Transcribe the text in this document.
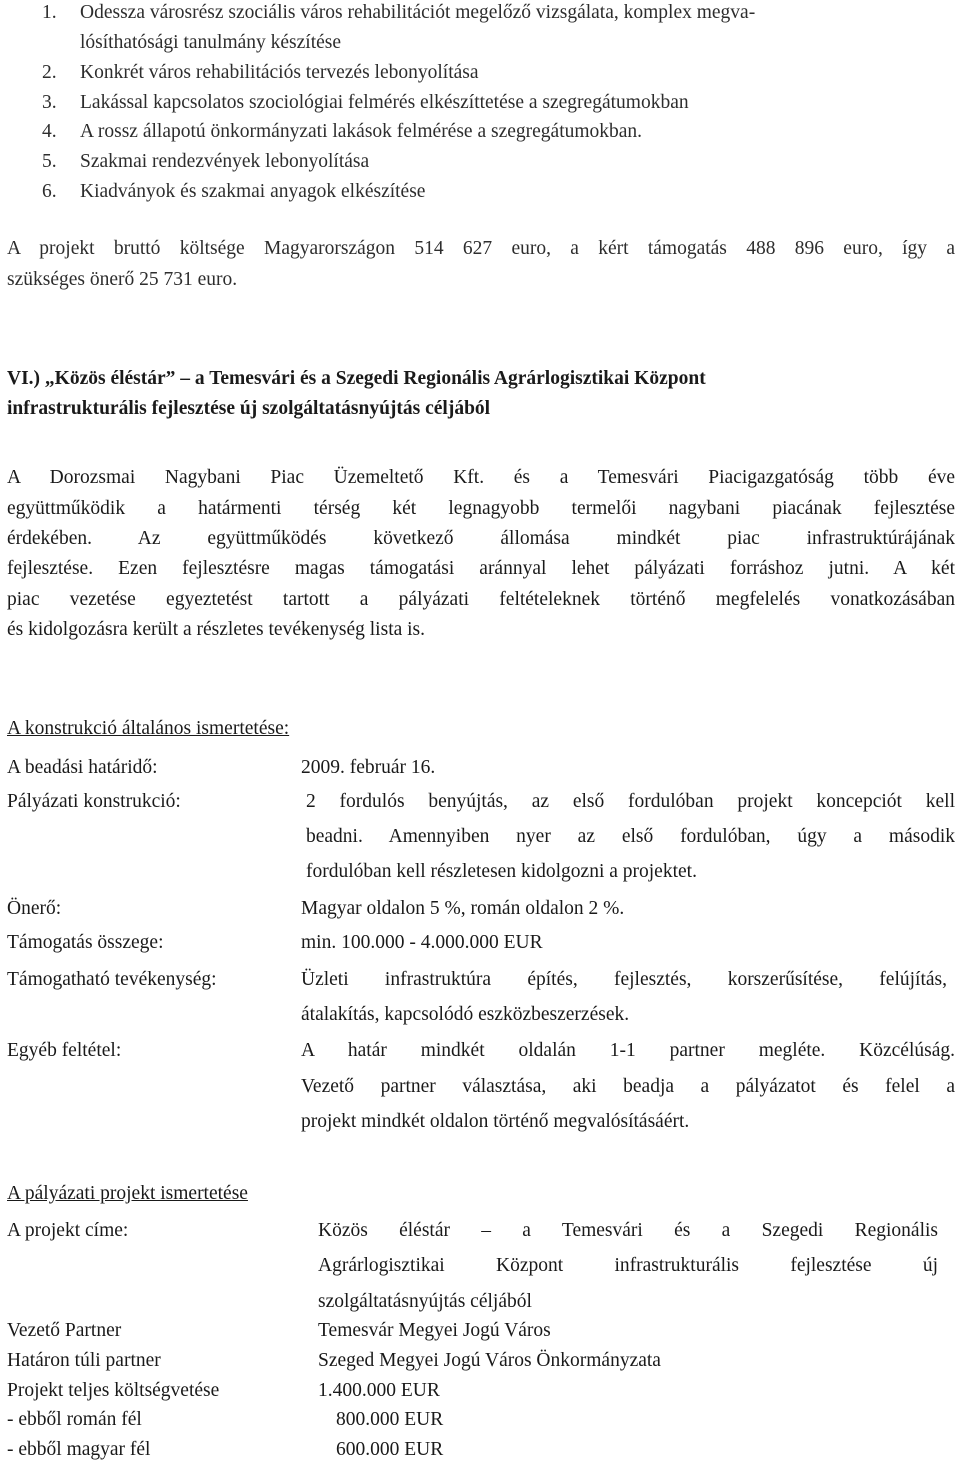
1. Odessza városrész szociális város rehabilitációt megelőző vizsgálata, komplex megva-
lósíthatósági tanulmány készítése
2. Konkrét város rehabilitációs tervezés lebonyolítása
3. Lakással kapcsolatos szociológiai felmérés elkészíttetése a szegregátumokban
4. A rossz állapotú önkormányzati lakások felmérése a szegregátumokban.
5. Szakmai rendezvények lebonyolítása
6. Kiadványok és szakmai anyagok elkészítése
A projekt bruttó költsége Magyarországon 514 627 euro, a kért támogatás 488 896 euro, így a
szükséges önerő 25 731 euro.
VI.) „Közös éléstár” – a Temesvári és a Szegedi Regionális Agrárlogisztikai Központ
infrastrukturális fejlesztése új szolgáltatásnyújtás céljából
A Dorozsmai Nagybani Piac Üzemeltető Kft. és a Temesvári Piacigazgatóság több éve
együttműködik a határmenti térség két legnagyobb termelői nagybani piacának fejlesztése
érdekében. Az együttműködés következő állomása mindkét piac infrastruktúrájának
fejlesztése. Ezen fejlesztésre magas támogatási aránnyal lehet pályázati forráshoz jutni. A két
piac vezetése egyeztetést tartott a pályázati feltételeknek történő megfelelés vonatkozásában
és kidolgozásra került a részletes tevékenység lista is.
A konstrukció általános ismertetése:
A beadási határidő:	2009. február 16.
Pályázati konstrukció:	2 fordulós benyújtás, az első fordulóban projekt koncepciót kell
beadni. Amennyiben nyer az első fordulóban, úgy a második
fordulóban kell részletesen kidolgozni a projektet.
Önerő:	Magyar oldalon 5 %, román oldalon 2 %.
Támogatás összege:	min. 100.000 - 4.000.000 EUR
Támogatható tevékenység:	Üzleti infrastruktúra építés, fejlesztés, korszerűsítése, felújítás,
átalakítás, kapcsolódó eszközbeszerzések.
Egyéb feltétel:	A határ mindkét oldalán 1-1 partner megléte. Közcélúság.
Vezető partner választása, aki beadja a pályázatot és felel a
projekt mindkét oldalon történő megvalósításáért.
A pályázati projekt ismertetése
A projekt címe:	Közös éléstár – a Temesvári és a Szegedi Regionális
Agrárlogisztikai Központ infrastrukturális fejlesztése új
szolgáltatásnyújtás céljából
Vezető Partner	Temesvár Megyei Jogú Város
Határon túli partner	Szeged Megyei Jogú Város Önkormányzata
Projekt teljes költségvetése	1.400.000 EUR
- ebből román fél	800.000 EUR
- ebből magyar fél	600.000 EUR
